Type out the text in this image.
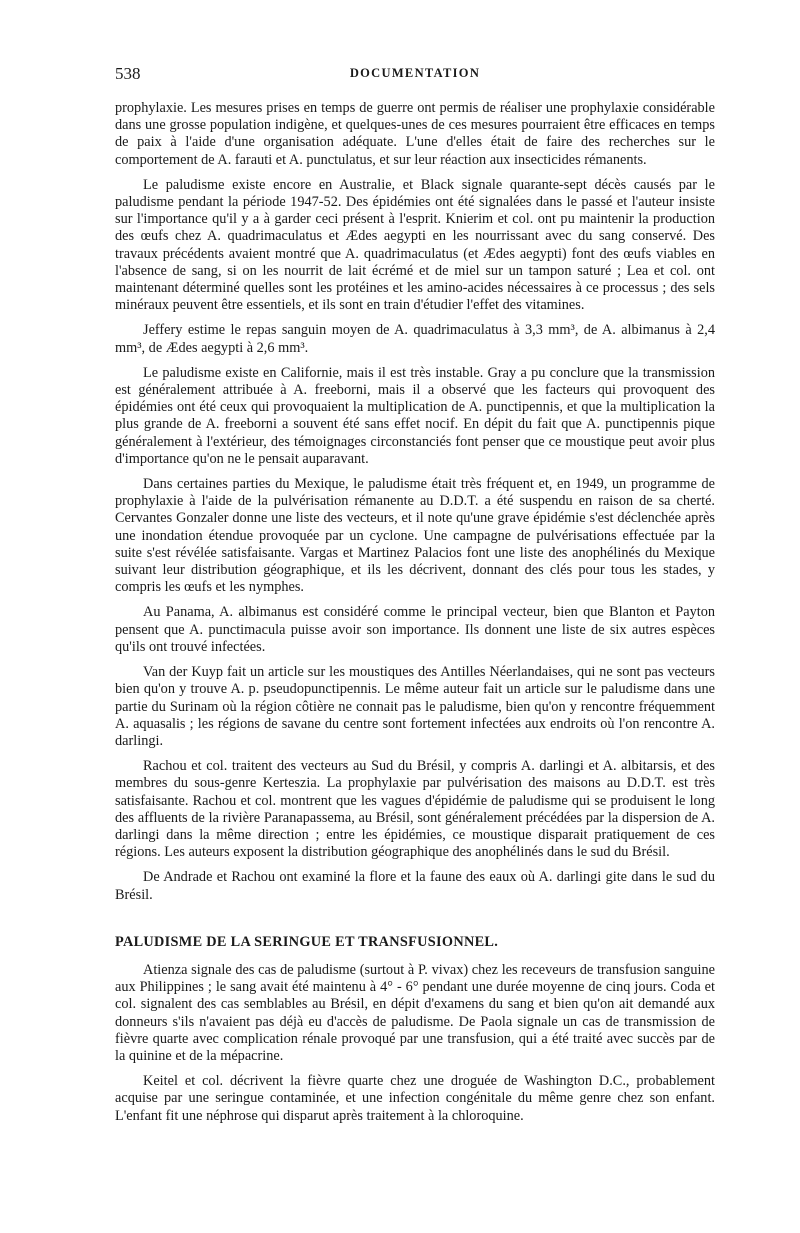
538	DOCUMENTATION

prophylaxie. Les mesures prises en temps de guerre ont permis de réaliser une prophylaxie considérable dans une grosse population indigène, et quelques-unes de ces mesures pourraient être efficaces en temps de paix à l'aide d'une organisation adéquate. L'une d'elles était de faire des recherches sur le comportement de A. farauti et A. punctulatus, et sur leur réaction aux insecticides rémanents.

Le paludisme existe encore en Australie, et Black signale quarante-sept décès causés par le paludisme pendant la période 1947-52. Des épidémies ont été signalées dans le passé et l'auteur insiste sur l'importance qu'il y a à garder ceci présent à l'esprit. Knierim et col. ont pu maintenir la production des œufs chez A. quadrimaculatus et Ædes aegypti en les nourrissant avec du sang conservé. Des travaux précédents avaient montré que A. quadrimaculatus (et Ædes aegypti) font des œufs viables en l'absence de sang, si on les nourrit de lait écrémé et de miel sur un tampon saturé ; Lea et col. ont maintenant déterminé quelles sont les protéines et les amino-acides nécessaires à ce processus ; des sels minéraux peuvent être essentiels, et ils sont en train d'étudier l'effet des vitamines.

Jeffery estime le repas sanguin moyen de A. quadrimaculatus à 3,3 mm³, de A. albimanus à 2,4 mm³, de Ædes aegypti à 2,6 mm³.

Le paludisme existe en Californie, mais il est très instable. Gray a pu conclure que la transmission est généralement attribuée à A. freeborni, mais il a observé que les facteurs qui provoquent des épidémies ont été ceux qui provoquaient la multiplication de A. punctipennis, et que la multiplication la plus grande de A. freeborni a souvent été sans effet nocif. En dépit du fait que A. punctipennis pique généralement à l'extérieur, des témoignages circonstanciés font penser que ce moustique peut avoir plus d'importance qu'on ne le pensait auparavant.

Dans certaines parties du Mexique, le paludisme était très fréquent et, en 1949, un programme de prophylaxie à l'aide de la pulvérisation rémanente au D.D.T. a été suspendu en raison de sa cherté. Cervantes Gonzaler donne une liste des vecteurs, et il note qu'une grave épidémie s'est déclenchée après une inondation étendue provoquée par un cyclone. Une campagne de pulvérisations effectuée par la suite s'est révélée satisfaisante. Vargas et Martinez Palacios font une liste des anophélinés du Mexique suivant leur distribution géographique, et ils les décrivent, donnant des clés pour tous les stades, y compris les œufs et les nymphes.

Au Panama, A. albimanus est considéré comme le principal vecteur, bien que Blanton et Payton pensent que A. punctimacula puisse avoir son importance. Ils donnent une liste de six autres espèces qu'ils ont trouvé infectées.

Van der Kuyp fait un article sur les moustiques des Antilles Néerlandaises, qui ne sont pas vecteurs bien qu'on y trouve A. p. pseudopunctipennis. Le même auteur fait un article sur le paludisme dans une partie du Surinam où la région côtière ne connait pas le paludisme, bien qu'on y rencontre fréquemment A. aquasalis ; les régions de savane du centre sont fortement infectées aux endroits où l'on rencontre A. darlingi.

Rachou et col. traitent des vecteurs au Sud du Brésil, y compris A. darlingi et A. albitarsis, et des membres du sous-genre Kerteszia. La prophylaxie par pulvérisation des maisons au D.D.T. est très satisfaisante. Rachou et col. montrent que les vagues d'épidémie de paludisme qui se produisent le long des affluents de la rivière Paranapassema, au Brésil, sont généralement précédées par la dispersion de A. darlingi dans la même direction ; entre les épidémies, ce moustique disparait pratiquement de ces régions. Les auteurs exposent la distribution géographique des anophélinés dans le sud du Brésil.

De Andrade et Rachou ont examiné la flore et la faune des eaux où A. darlingi gite dans le sud du Brésil.

PALUDISME DE LA SERINGUE ET TRANSFUSIONNEL.

Atienza signale des cas de paludisme (surtout à P. vivax) chez les receveurs de transfusion sanguine aux Philippines ; le sang avait été maintenu à 4° - 6° pendant une durée moyenne de cinq jours. Coda et col. signalent des cas semblables au Brésil, en dépit d'examens du sang et bien qu'on ait demandé aux donneurs s'ils n'avaient pas déjà eu d'accès de paludisme. De Paola signale un cas de transmission de fièvre quarte avec complication rénale provoqué par une transfusion, qui a été traité avec succès par de la quinine et de la mépacrine.

Keitel et col. décrivent la fièvre quarte chez une droguée de Washington D.C., probablement acquise par une seringue contaminée, et une infection congénitale du même genre chez son enfant. L'enfant fit une néphrose qui disparut après traitement à la chloroquine.
